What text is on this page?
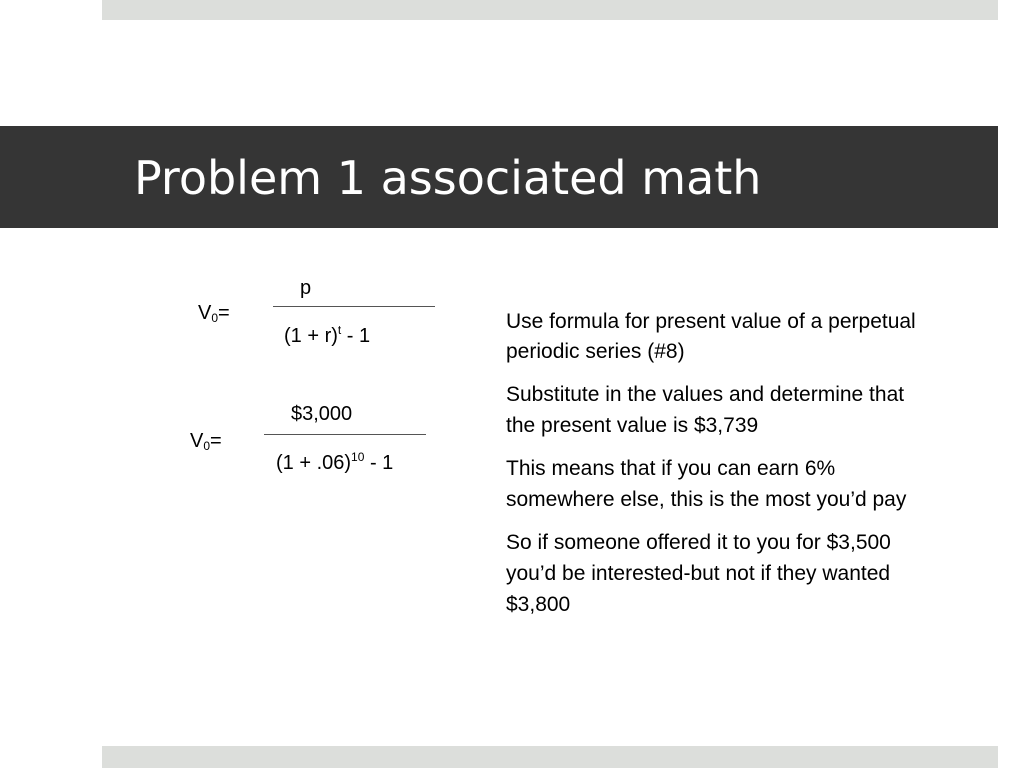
Problem 1 associated math
p
$V_0=$
$(1 + r)^t - 1$
$3,000
$V_0=$
$(1 + .06)^{10} - 1$
Use formula for present value of a perpetual periodic series (#8)
Substitute in the values and determine that the present value is $3,739
This means that if you can earn 6% somewhere else, this is the most you’d pay
So if someone offered it to you for $3,500 you’d be interested-but not if they wanted $3,800
